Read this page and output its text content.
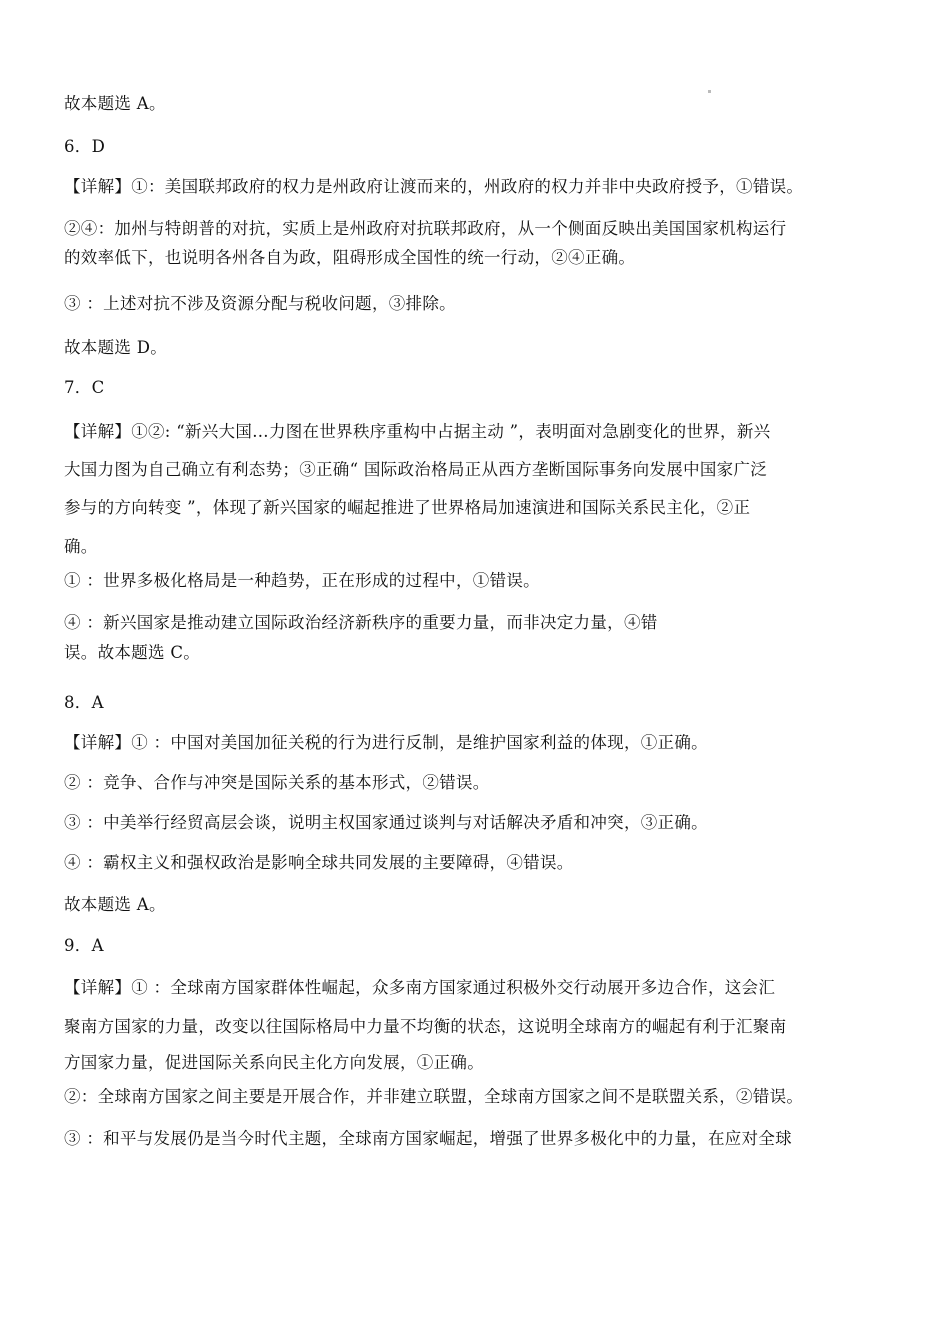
故本题选 A。
6．D
【详解】①：美国联邦政府的权力是州政府让渡而来的，州政府的权力并非中央政府授予，①错误。
②④：加州与特朗普的对抗，实质上是州政府对抗联邦政府，从一个侧面反映出美国国家机构运行
的效率低下，也说明各州各自为政，阻碍形成全国性的统一行动，②④正确。
③ ：上述对抗不涉及资源分配与税收问题，③排除。
故本题选 D。
7．C
【详解】①②: “新兴大国…力图在世界秩序重构中占据主动 ”，表明面对急剧变化的世界，新兴
大国力图为自己确立有利态势；③正确“ 国际政治格局正从西方垄断国际事务向发展中国家广泛
参与的方向转变 ”，体现了新兴国家的崛起推进了世界格局加速演进和国际关系民主化，②正
确。
① ：世界多极化格局是一种趋势，正在形成的过程中，①错误。
④ ：新兴国家是推动建立国际政治经济新秩序的重要力量，而非决定力量，④错
误。故本题选 C。
8．A
【详解】① ：中国对美国加征关税的行为进行反制，是维护国家利益的体现，①正确。
② ：竞争、合作与冲突是国际关系的基本形式，②错误。
③ ：中美举行经贸高层会谈，说明主权国家通过谈判与对话解决矛盾和冲突，③正确。
④ ：霸权主义和强权政治是影响全球共同发展的主要障碍，④错误。
故本题选 A。
9．A
【详解】① ：全球南方国家群体性崛起，众多南方国家通过积极外交行动展开多边合作，这会汇
聚南方国家的力量，改变以往国际格局中力量不均衡的状态，这说明全球南方的崛起有利于汇聚南
方国家力量，促进国际关系向民主化方向发展，①正确。
②：全球南方国家之间主要是开展合作，并非建立联盟，全球南方国家之间不是联盟关系，②错误。
③ ：和平与发展仍是当今时代主题，全球南方国家崛起，增强了世界多极化中的力量，在应对全球
